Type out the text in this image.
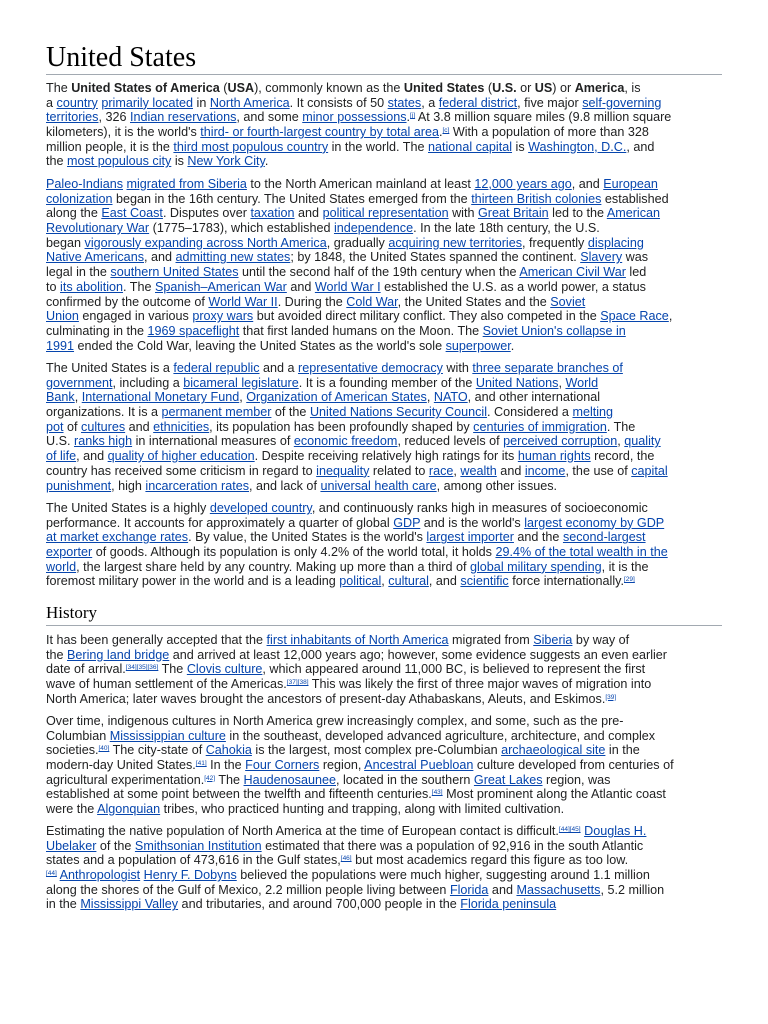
United States
The United States of America (USA), commonly known as the United States (U.S. or US) or America, is
a country primarily located in North America. It consists of 50 states, a federal district, five major self-governing
territories, 326 Indian reservations, and some minor possessions.[j] At 3.8 million square miles (9.8 million square
kilometers), it is the world's third- or fourth-largest country by total area.[c] With a population of more than 328
million people, it is the third most populous country in the world. The national capital is Washington, D.C., and
the most populous city is New York City.
Paleo-Indians migrated from Siberia to the North American mainland at least 12,000 years ago, and European
colonization began in the 16th century. The United States emerged from the thirteen British colonies established
along the East Coast. Disputes over taxation and political representation with Great Britain led to the American
Revolutionary War (1775–1783), which established independence. In the late 18th century, the U.S.
began vigorously expanding across North America, gradually acquiring new territories, frequently displacing
Native Americans, and admitting new states; by 1848, the United States spanned the continent. Slavery was
legal in the southern United States until the second half of the 19th century when the American Civil War led
to its abolition. The Spanish–American War and World War I established the U.S. as a world power, a status
confirmed by the outcome of World War II. During the Cold War, the United States and the Soviet
Union engaged in various proxy wars but avoided direct military conflict. They also competed in the Space Race,
culminating in the 1969 spaceflight that first landed humans on the Moon. The Soviet Union's collapse in
1991 ended the Cold War, leaving the United States as the world's sole superpower.
The United States is a federal republic and a representative democracy with three separate branches of
government, including a bicameral legislature. It is a founding member of the United Nations, World
Bank, International Monetary Fund, Organization of American States, NATO, and other international
organizations. It is a permanent member of the United Nations Security Council. Considered a melting
pot of cultures and ethnicities, its population has been profoundly shaped by centuries of immigration. The
U.S. ranks high in international measures of economic freedom, reduced levels of perceived corruption, quality
of life, and quality of higher education. Despite receiving relatively high ratings for its human rights record, the
country has received some criticism in regard to inequality related to race, wealth and income, the use of capital
punishment, high incarceration rates, and lack of universal health care, among other issues.
The United States is a highly developed country, and continuously ranks high in measures of socioeconomic
performance. It accounts for approximately a quarter of global GDP and is the world's largest economy by GDP
at market exchange rates. By value, the United States is the world's largest importer and the second-largest
exporter of goods. Although its population is only 4.2% of the world total, it holds 29.4% of the total wealth in the
world, the largest share held by any country. Making up more than a third of global military spending, it is the
foremost military power in the world and is a leading political, cultural, and scientific force internationally.[29]
History
It has been generally accepted that the first inhabitants of North America migrated from Siberia by way of
the Bering land bridge and arrived at least 12,000 years ago; however, some evidence suggests an even earlier
date of arrival.[34][35][36] The Clovis culture, which appeared around 11,000 BC, is believed to represent the first
wave of human settlement of the Americas.[37][38] This was likely the first of three major waves of migration into
North America; later waves brought the ancestors of present-day Athabaskans, Aleuts, and Eskimos.[39]
Over time, indigenous cultures in North America grew increasingly complex, and some, such as the pre-
Columbian Mississippian culture in the southeast, developed advanced agriculture, architecture, and complex
societies.[40] The city-state of Cahokia is the largest, most complex pre-Columbian archaeological site in the
modern-day United States.[41] In the Four Corners region, Ancestral Puebloan culture developed from centuries of
agricultural experimentation.[42] The Haudenosaunee, located in the southern Great Lakes region, was
established at some point between the twelfth and fifteenth centuries.[43] Most prominent along the Atlantic coast
were the Algonquian tribes, who practiced hunting and trapping, along with limited cultivation.
Estimating the native population of North America at the time of European contact is difficult.[44][45] Douglas H.
Ubelaker of the Smithsonian Institution estimated that there was a population of 92,916 in the south Atlantic
states and a population of 473,616 in the Gulf states,[46] but most academics regard this figure as too low.
[44] Anthropologist Henry F. Dobyns believed the populations were much higher, suggesting around 1.1 million
along the shores of the Gulf of Mexico, 2.2 million people living between Florida and Massachusetts, 5.2 million
in the Mississippi Valley and tributaries, and around 700,000 people in the Florida peninsula
